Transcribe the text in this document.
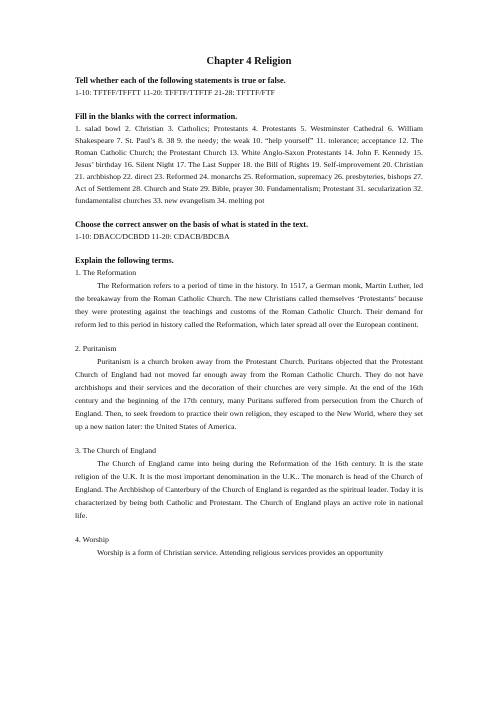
Chapter 4 Religion

Tell whether each of the following statements is true or false.

1-10: TFTFF/TFFTT 11-20: TFFTF/TTFTF 21-28: TFTTF/FTF

Fill in the blanks with the correct information.

1. salad bowl 2. Christian 3. Catholics; Protestants 4. Protestants 5. Westminster Cathedral 6. William Shakespeare 7. St. Paul’s 8. 38 9. the needy; the weak 10. “help yourself” 11. tolerance; acceptance 12. The Roman Catholic Church; the Protestant Church 13. White Anglo-Saxon Protestants 14. John F. Kennedy 15. Jesus’ birthday 16. Silent Night 17. The Last Supper 18. the Bill of Rights 19. Self-improvement 20. Christian 21. archbishop 22. direct 23. Reformed 24. monarchs 25. Reformation, supremacy 26. presbyteries, bishops 27. Act of Settlement 28. Church and State 29. Bible, prayer 30. Fundamentalism; Protestant 31. secularization 32. fundamentalist churches 33. new evangelism 34. melting pot

Choose the correct answer on the basis of what is stated in the text.

1-10: DBACC/DCBDD 11-20: CDACB/BDCBA

Explain the following terms.

1. The Reformation

The Reformation refers to a period of time in the history. In 1517, a German monk, Martin Luther, led the breakaway from the Roman Catholic Church. The new Christians called themselves ‘Protestants’ because they were protesting against the teachings and customs of the Roman Catholic Church. Their demand for reform led to this period in history called the Reformation, which later spread all over the European continent.

2. Puritanism

Puritanism is a church broken away from the Protestant Church. Puritans objected that the Protestant Church of England had not moved far enough away from the Roman Catholic Church. They do not have archbishops and their services and the decoration of their churches are very simple. At the end of the 16th century and the beginning of the 17th century, many Puritans suffered from persecution from the Church of England. Then, to seek freedom to practice their own religion, they escaped to the New World, where they set up a new nation later: the United States of America.

3. The Church of England

The Church of England came into being during the Reformation of the 16th century. It is the state religion of the U.K. It is the most important denomination in the U.K.. The monarch is head of the Church of England. The Archbishop of Canterbury of the Church of England is regarded as the spiritual leader. Today it is characterized by being both Catholic and Protestant. The Church of England plays an active role in national life.

4. Worship

Worship is a form of Christian service. Attending religious services provides an opportunity
